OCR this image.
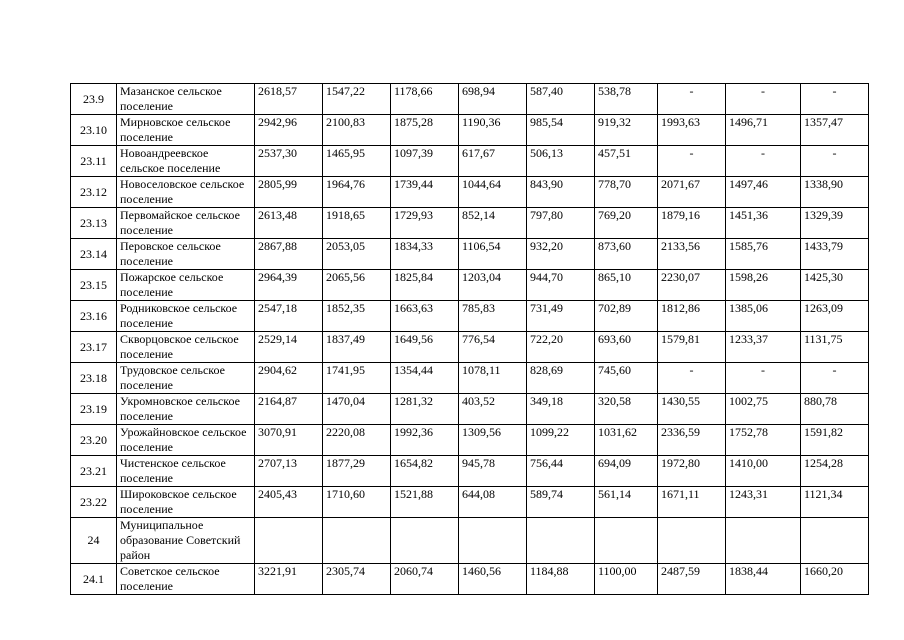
23.9	Мазанское сельское поселение	2618,57	1547,22	1178,66	698,94	587,40	538,78	-	-	-
23.10	Мирновское сельское поселение	2942,96	2100,83	1875,28	1190,36	985,54	919,32	1993,63	1496,71	1357,47
23.11	Новоандреевское сельское поселение	2537,30	1465,95	1097,39	617,67	506,13	457,51	-	-	-
23.12	Новоселовское сельское поселение	2805,99	1964,76	1739,44	1044,64	843,90	778,70	2071,67	1497,46	1338,90
23.13	Первомайское сельское поселение	2613,48	1918,65	1729,93	852,14	797,80	769,20	1879,16	1451,36	1329,39
23.14	Перовское сельское поселение	2867,88	2053,05	1834,33	1106,54	932,20	873,60	2133,56	1585,76	1433,79
23.15	Пожарское сельское поселение	2964,39	2065,56	1825,84	1203,04	944,70	865,10	2230,07	1598,26	1425,30
23.16	Родниковское сельское поселение	2547,18	1852,35	1663,63	785,83	731,49	702,89	1812,86	1385,06	1263,09
23.17	Скворцовское сельское поселение	2529,14	1837,49	1649,56	776,54	722,20	693,60	1579,81	1233,37	1131,75
23.18	Трудовское сельское поселение	2904,62	1741,95	1354,44	1078,11	828,69	745,60	-	-	-
23.19	Укромновское сельское поселение	2164,87	1470,04	1281,32	403,52	349,18	320,58	1430,55	1002,75	880,78
23.20	Урожайновское сельское поселение	3070,91	2220,08	1992,36	1309,56	1099,22	1031,62	2336,59	1752,78	1591,82
23.21	Чистенское сельское поселение	2707,13	1877,29	1654,82	945,78	756,44	694,09	1972,80	1410,00	1254,28
23.22	Широковское сельское поселение	2405,43	1710,60	1521,88	644,08	589,74	561,14	1671,11	1243,31	1121,34
24	Муниципальное образование Советский район									
24.1	Советское сельское поселение	3221,91	2305,74	2060,74	1460,56	1184,88	1100,00	2487,59	1838,44	1660,20
